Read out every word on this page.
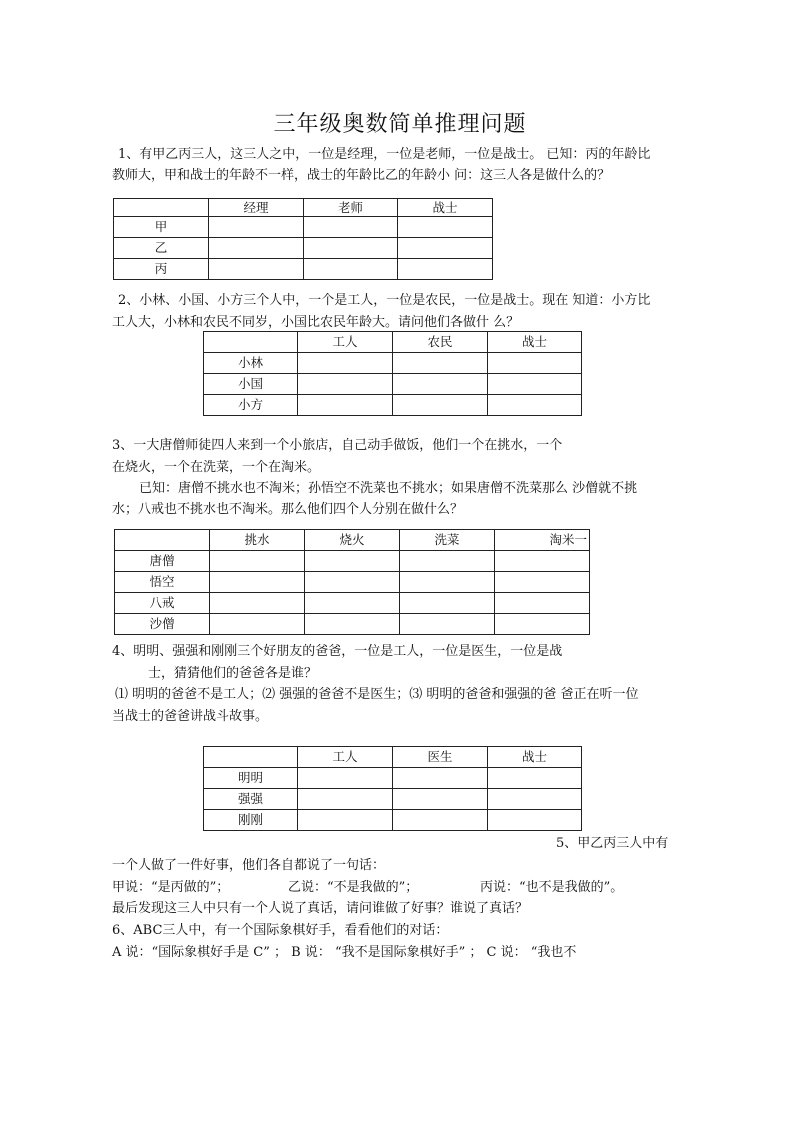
三年级奥数简单推理问题
1、有甲乙丙三人，这三人之中，一位是经理，一位是老师，一位是战士。 已知：丙的年龄比
教师大，甲和战士的年龄不一样，战士的年龄比乙的年龄小 问：这三人各是做什么的？
	经理	老师	战士
甲			
乙			
丙			
2、小林、小国、小方三个人中，一个是工人，一位是农民，一位是战士。现在 知道：小方比
工人大，小林和农民不同岁，小国比农民年龄大。请问他们各做什 么？
	工人	农民	战士
小林			
小国			
小方			
3、一大唐僧师徒四人来到一个小旅店，自己动手做饭，他们一个在挑水，一个
在烧火，一个在洗菜，一个在淘米。
已知：唐僧不挑水也不淘米；孙悟空不洗菜也不挑水；如果唐僧不洗菜那么 沙僧就不挑
水；八戒也不挑水也不淘米。那么他们四个人分别在做什么？
	挑水	烧火	洗菜	淘米一
唐僧				
悟空				
八戒				
沙僧				
4、明明、强强和刚刚三个好朋友的爸爸，一位是工人，一位是医生，一位是战
士，猜猜他们的爸爸各是谁？
⑴ 明明的爸爸不是工人；⑵ 强强的爸爸不是医生；⑶ 明明的爸爸和强强的爸 爸正在听一位
当战士的爸爸讲战斗故事。
	工人	医生	战士
明明			
强强			
刚刚			
5、甲乙丙三人中有
一个人做了一件好事，他们各自都说了一句话：
甲说：“是丙做的”；	乙说：“不是我做的”；	丙说：“也不是我做的”。
最后发现这三人中只有一个人说了真话，请问谁做了好事？谁说了真话？
6、ABC三人中，有一个国际象棋好手，看看他们的对话：
A 说：“国际象棋好手是 C” ； B 说： “我不是国际象棋好手” ； C 说： “我也不
